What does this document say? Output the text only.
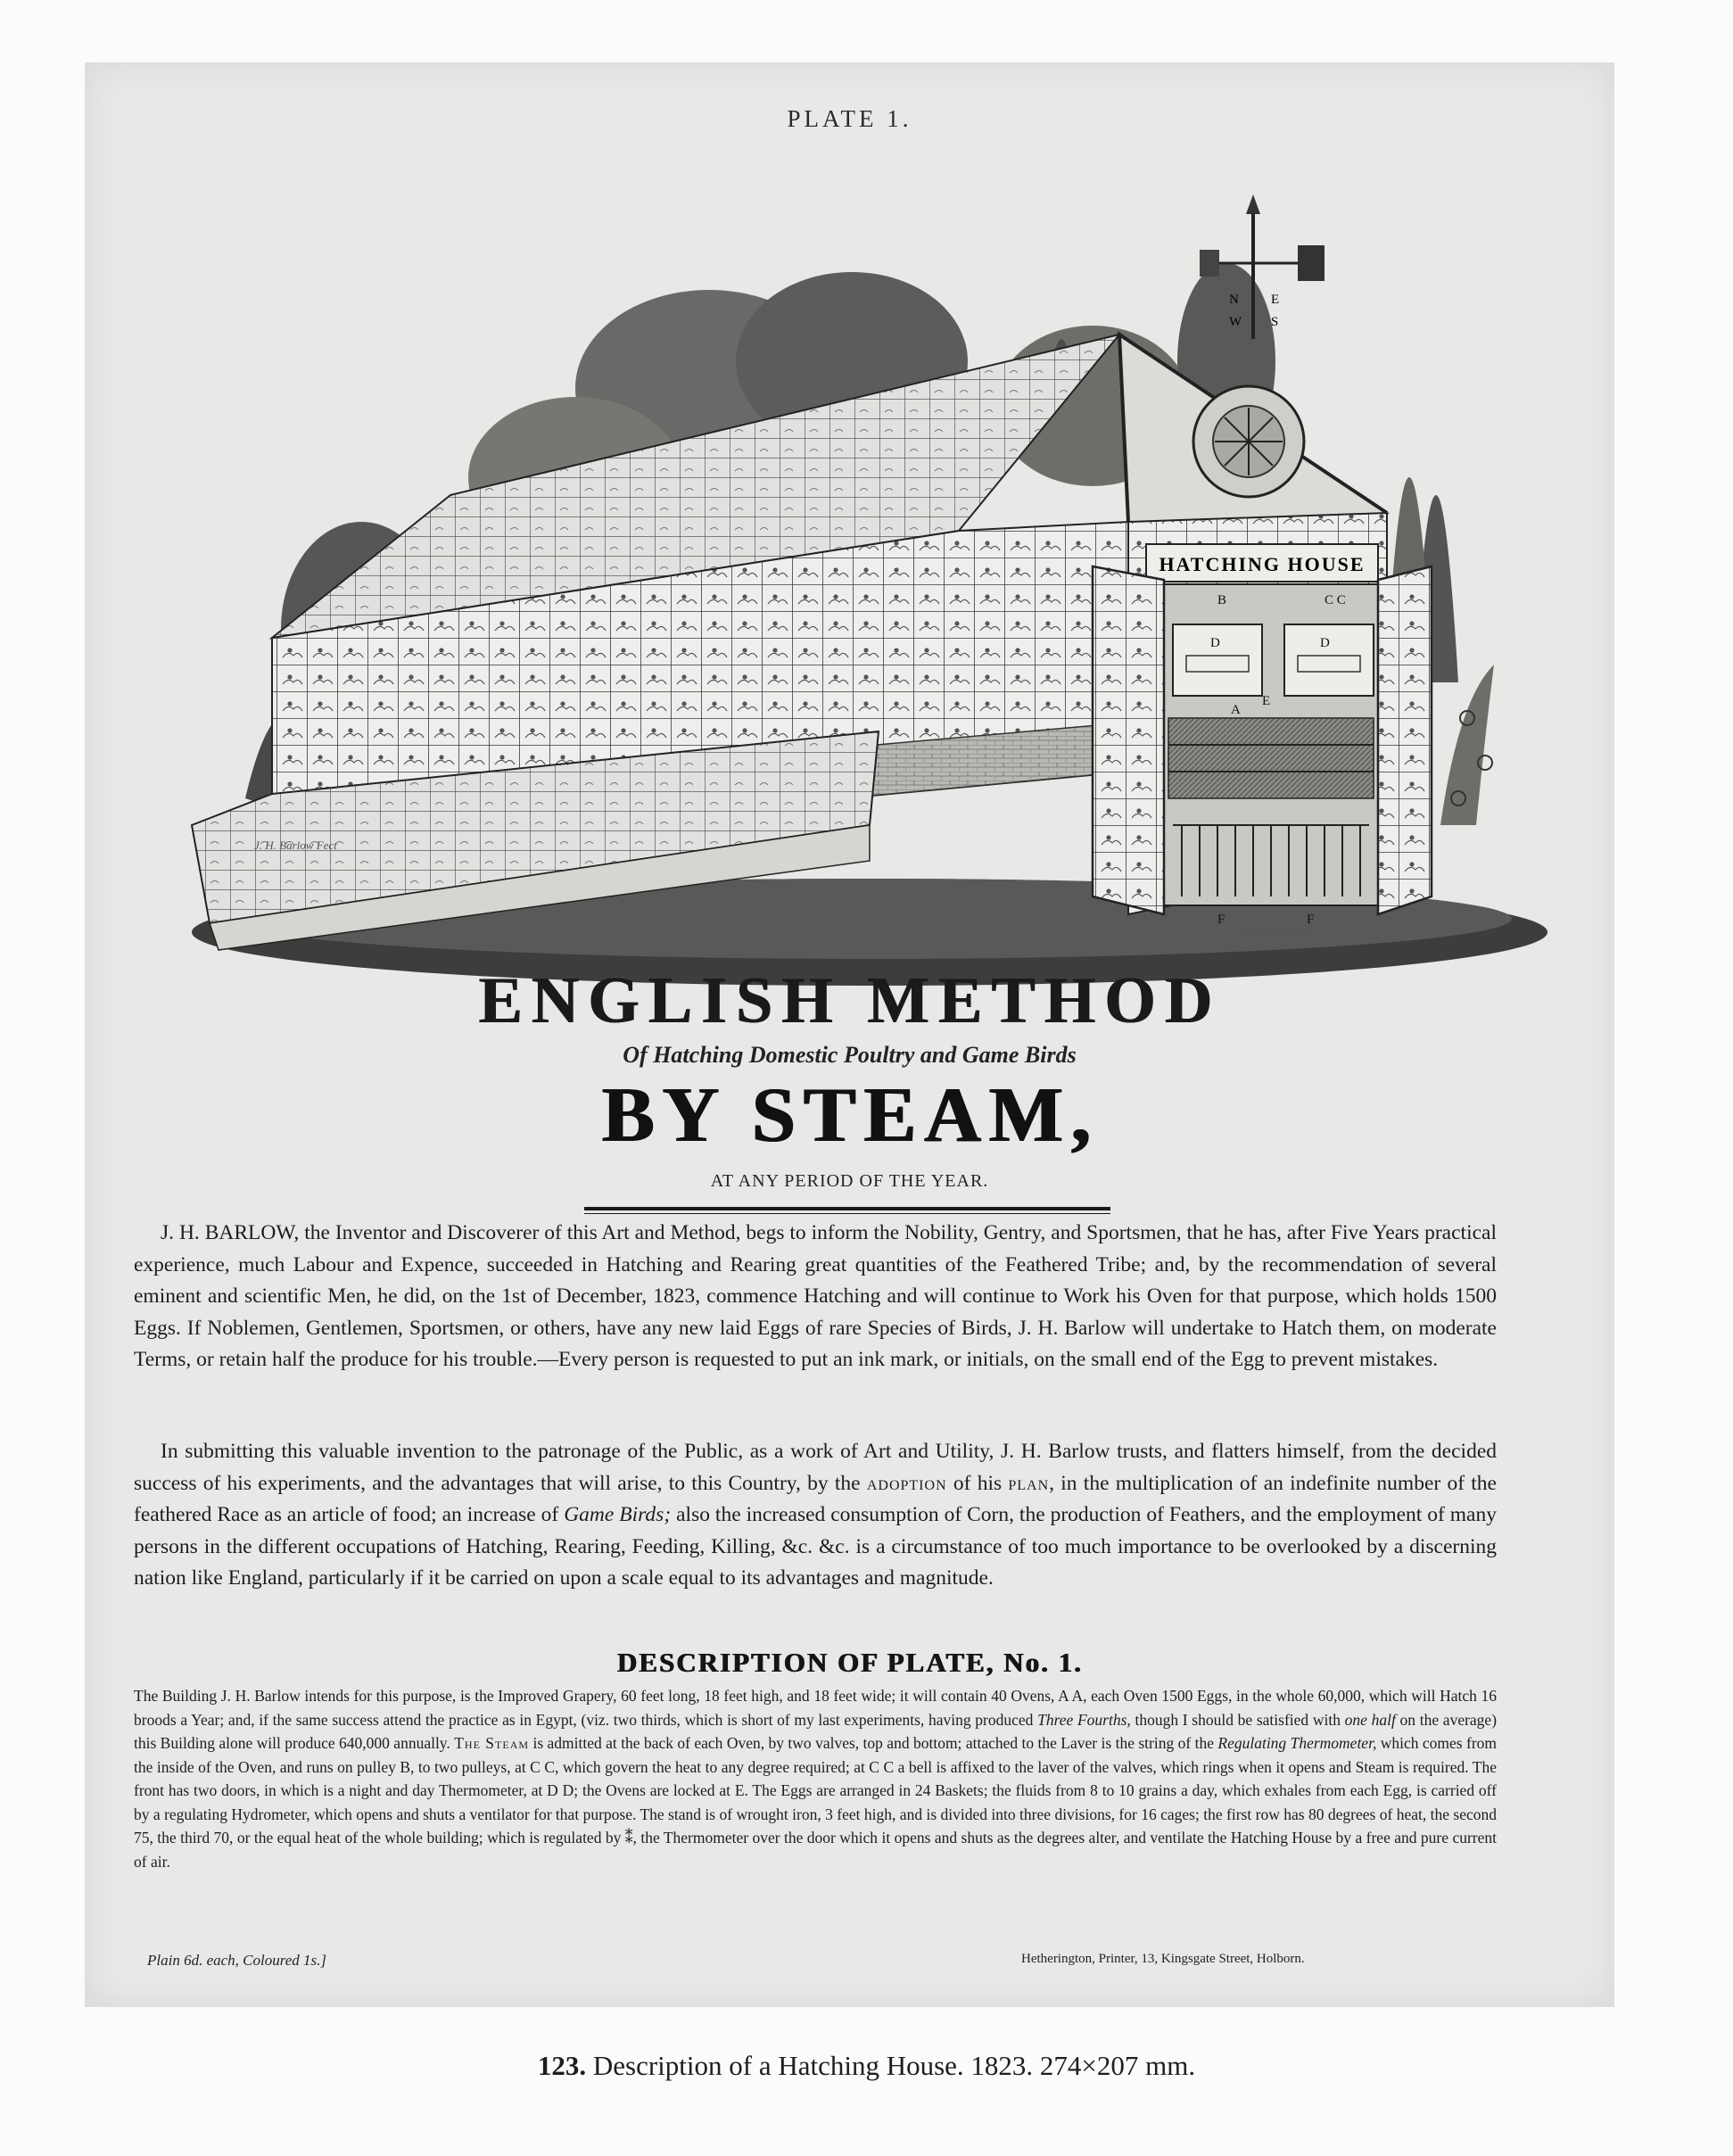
PLATE 1.
N E
S
W
HATCHING HOUSE
B	C C
D	D
A
E
F	F
J. H. Barlow Fect
W. Cornell Sc.
ENGLISH METHOD
Of Hatching Domestic Poultry and Game Birds
BY STEAM,
AT ANY PERIOD OF THE YEAR.
J. H. BARLOW, the Inventor and Discoverer of this Art and Method, begs to inform the Nobility, Gentry, and Sportsmen, that he has, after Five Years practical experience, much Labour and Expence, succeeded in Hatching and Rearing great quantities of the Feathered Tribe; and, by the recommendation of several eminent and scientific Men, he did, on the 1st of December, 1823, commence Hatching and will continue to Work his Oven for that purpose, which holds 1500 Eggs. If Noblemen, Gentlemen, Sportsmen, or others, have any new laid Eggs of rare Species of Birds, J. H. Barlow will undertake to Hatch them, on moderate Terms, or retain half the produce for his trouble.—Every person is requested to put an ink mark, or initials, on the small end of the Egg to prevent mistakes.
In submitting this valuable invention to the patronage of the Public, as a work of Art and Utility, J. H. Barlow trusts, and flatters himself, from the decided success of his experiments, and the advantages that will arise, to this Country, by the adoption of his plan, in the multiplication of an indefinite number of the feathered Race as an article of food; an increase of Game Birds; also the increased consumption of Corn, the production of Feathers, and the employment of many persons in the different occupations of Hatching, Rearing, Feeding, Killing, &c. &c. is a circumstance of too much importance to be overlooked by a discerning nation like England, particularly if it be carried on upon a scale equal to its advantages and magnitude.
DESCRIPTION OF PLATE, No. 1.
The Building J. H. Barlow intends for this purpose, is the Improved Grapery, 60 feet long, 18 feet high, and 18 feet wide; it will contain 40 Ovens, A A, each Oven 1500 Eggs, in the whole 60,000, which will Hatch 16 broods a Year; and, if the same success attend the practice as in Egypt, (viz. two thirds, which is short of my last experiments, having produced Three Fourths, though I should be satisfied with one half on the average) this Building alone will produce 640,000 annually. The Steam is admitted at the back of each Oven, by two valves, top and bottom; attached to the Laver is the string of the Regulating Thermometer, which comes from the inside of the Oven, and runs on pulley B, to two pulleys, at C C, which govern the heat to any degree required; at C C a bell is affixed to the laver of the valves, which rings when it opens and Steam is required. The front has two doors, in which is a night and day Thermometer, at D D; the Ovens are locked at E. The Eggs are arranged in 24 Baskets; the fluids from 8 to 10 grains a day, which exhales from each Egg, is carried off by a regulating Hydrometer, which opens and shuts a ventilator for that purpose. The stand is of wrought iron, 3 feet high, and is divided into three divisions, for 16 cages; the first row has 80 degrees of heat, the second 75, the third 70, or the equal heat of the whole building; which is regulated by ⁑, the Thermometer over the door which it opens and shuts as the degrees alter, and ventilate the Hatching House by a free and pure current of air.
Plain 6d. each, Coloured 1s.]	Hetherington, Printer, 13, Kingsgate Street, Holborn.
123. Description of a Hatching House. 1823. 274×207 mm.
